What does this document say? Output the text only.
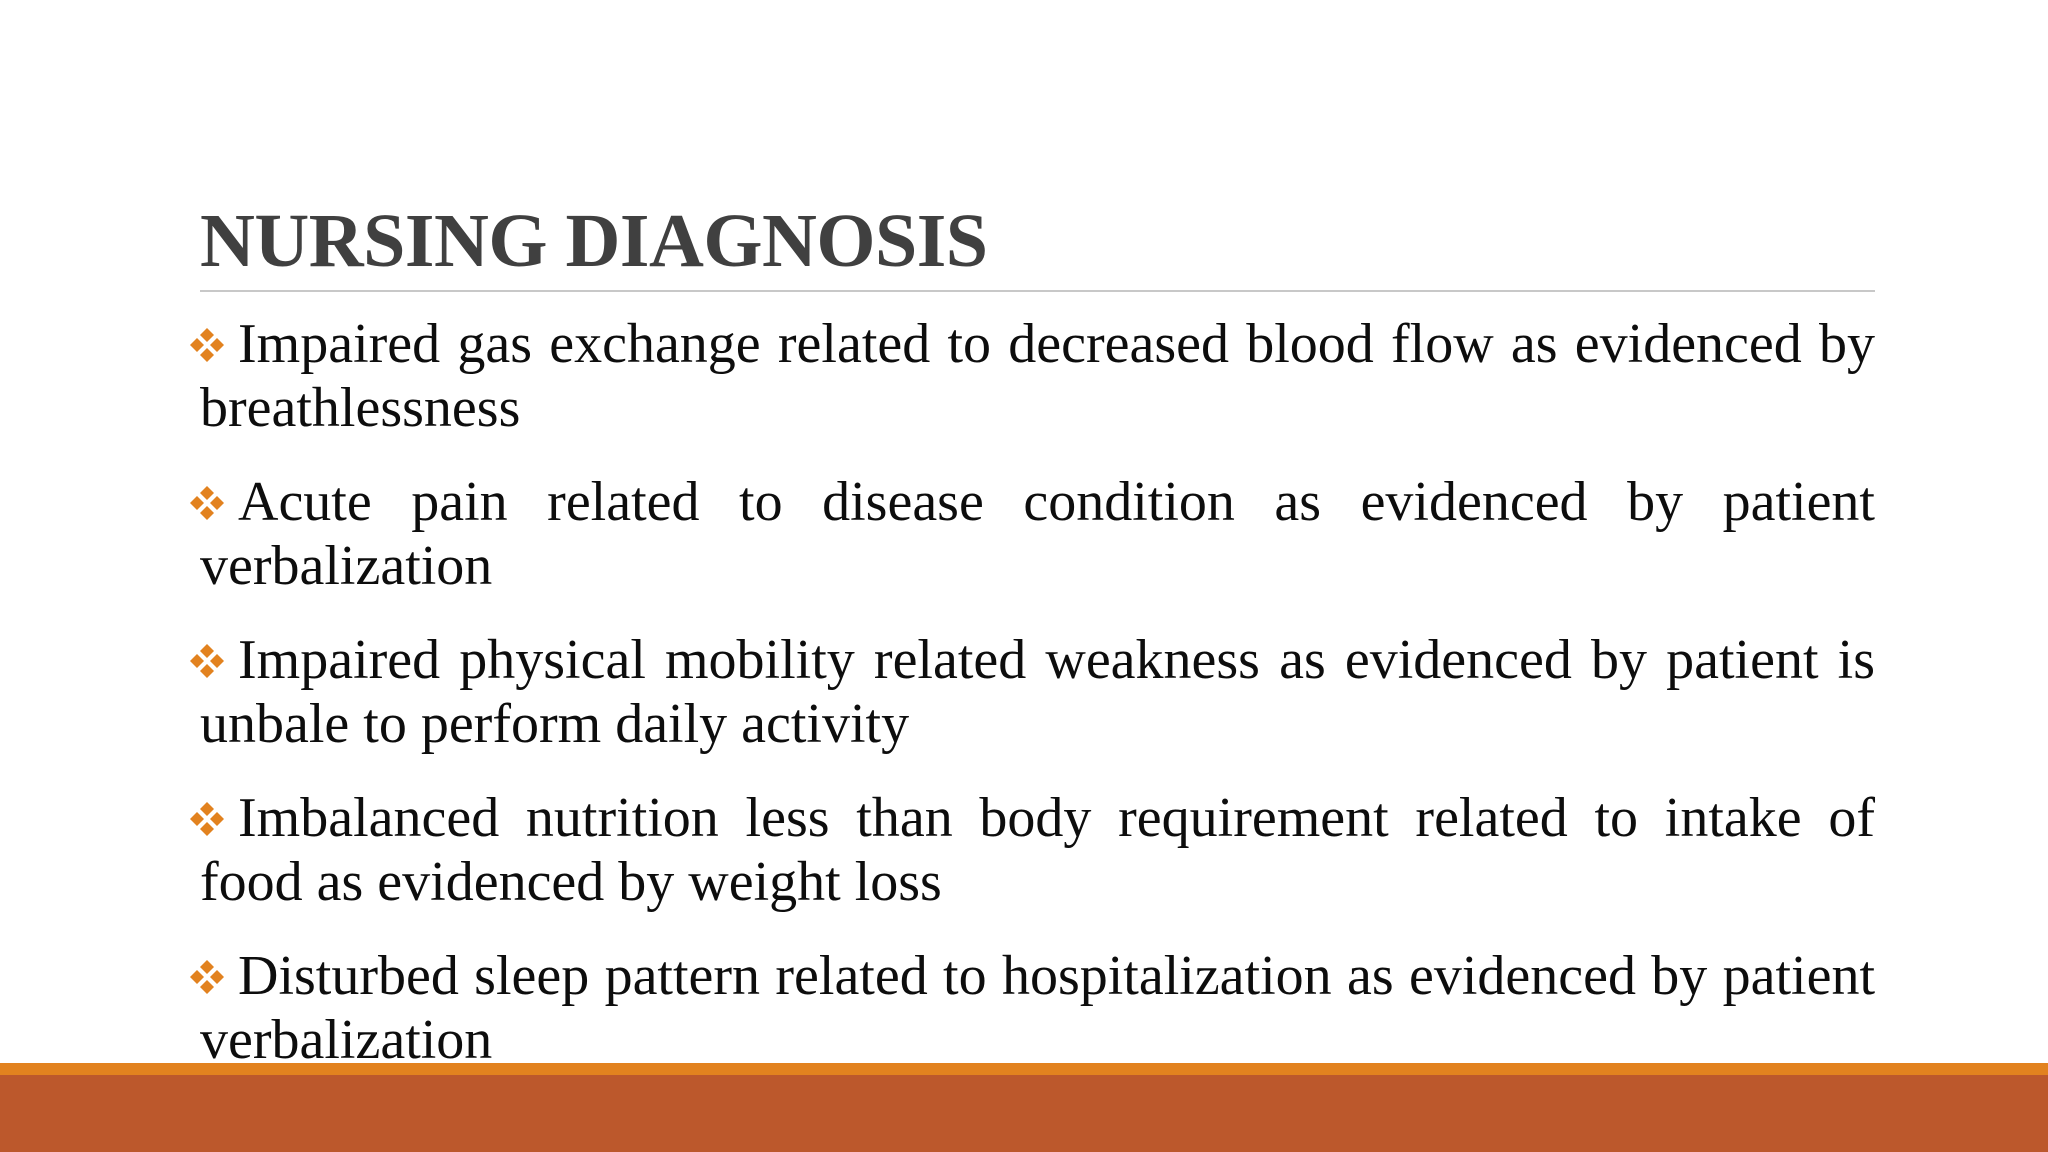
NURSING DIAGNOSIS
Impaired gas exchange related to decreased blood flow as evidenced by breathlessness
Acute pain related to disease condition as evidenced by patient verbalization
Impaired physical mobility related weakness as evidenced by patient is unbale to perform daily activity
Imbalanced nutrition less than body requirement related to intake of food as evidenced by weight loss
Disturbed sleep pattern related to hospitalization as evidenced by patient verbalization
